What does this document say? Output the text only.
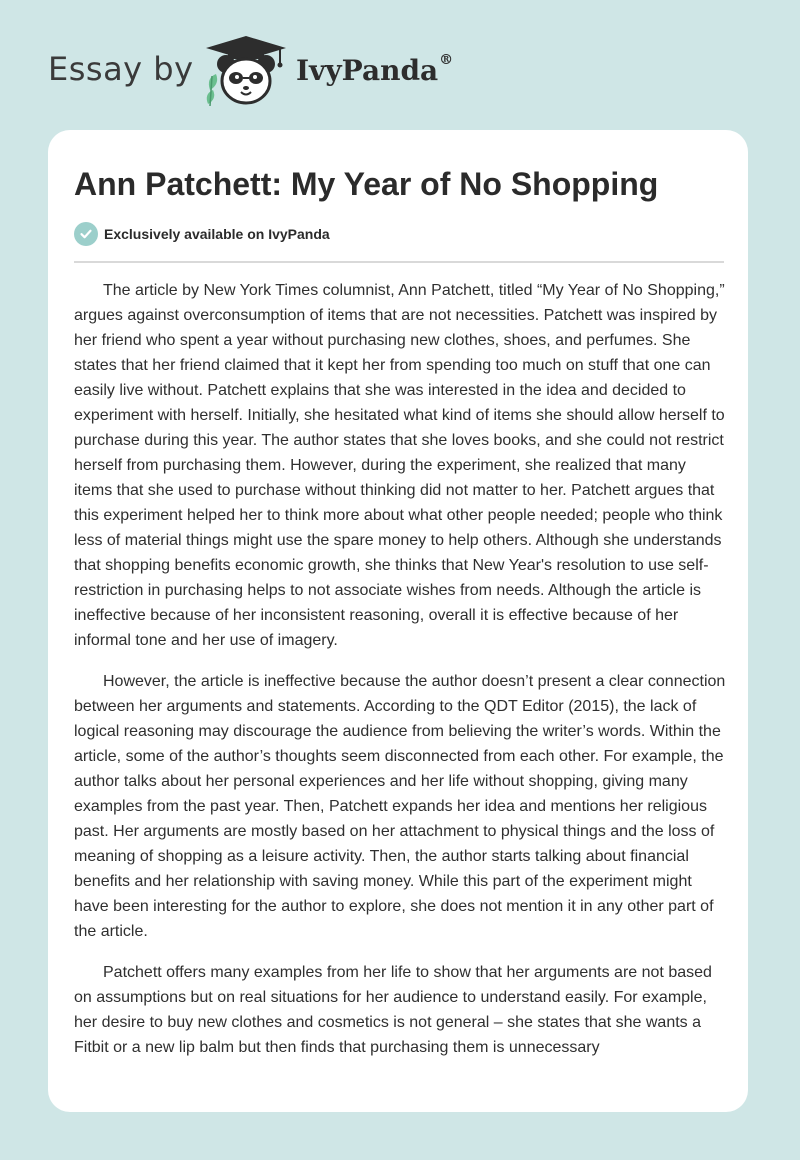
Essay by	IvyPanda®
Ann Patchett: My Year of No Shopping
Exclusively available on IvyPanda

The article by New York Times columnist, Ann Patchett, titled “My Year of No Shopping,” argues against overconsumption of items that are not necessities. Patchett was inspired by her friend who spent a year without purchasing new clothes, shoes, and perfumes. She states that her friend claimed that it kept her from spending too much on stuff that one can easily live without. Patchett explains that she was interested in the idea and decided to experiment with herself. Initially, she hesitated what kind of items she should allow herself to purchase during this year. The author states that she loves books, and she could not restrict herself from purchasing them. However, during the experiment, she realized that many items that she used to purchase without thinking did not matter to her. Patchett argues that this experiment helped her to think more about what other people needed; people who think less of material things might use the spare money to help others. Although she understands that shopping benefits economic growth, she thinks that New Year's resolution to use self-restriction in purchasing helps to not associate wishes from needs. Although the article is ineffective because of her inconsistent reasoning, overall it is effective because of her informal tone and her use of imagery.

However, the article is ineffective because the author doesn’t present a clear connection between her arguments and statements. According to the QDT Editor (2015), the lack of logical reasoning may discourage the audience from believing the writer’s words. Within the article, some of the author’s thoughts seem disconnected from each other. For example, the author talks about her personal experiences and her life without shopping, giving many examples from the past year. Then, Patchett expands her idea and mentions her religious past. Her arguments are mostly based on her attachment to physical things and the loss of meaning of shopping as a leisure activity. Then, the author starts talking about financial benefits and her relationship with saving money. While this part of the experiment might have been interesting for the author to explore, she does not mention it in any other part of the article.

Patchett offers many examples from her life to show that her arguments are not based on assumptions but on real situations for her audience to understand easily. For example, her desire to buy new clothes and cosmetics is not general – she states that she wants a Fitbit or a new lip balm but then finds that purchasing them is unnecessary
